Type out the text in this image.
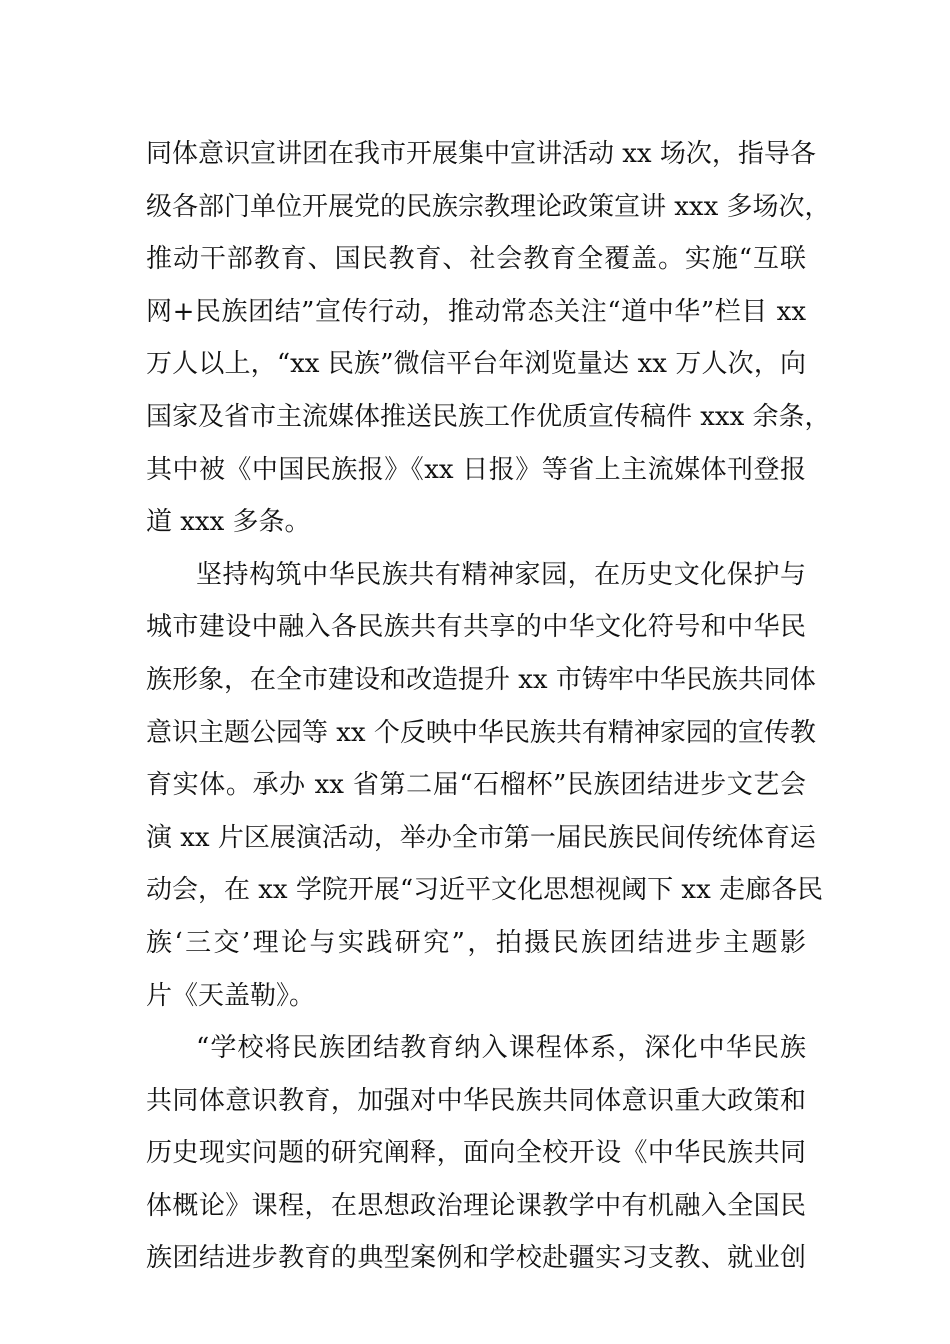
同体意识宣讲团在我市开展集中宣讲活动 xx 场次，指导各
级各部门单位开展党的民族宗教理论政策宣讲 xxx 多场次，
推动干部教育、国民教育、社会教育全覆盖。实施“互联
网+民族团结”宣传行动，推动常态关注“道中华”栏目 xx
万人以上，“xx 民族”微信平台年浏览量达 xx 万人次，向
国家及省市主流媒体推送民族工作优质宣传稿件 xxx 余条，
其中被《中国民族报》《xx 日报》等省上主流媒体刊登报
道 xxx 多条。
坚持构筑中华民族共有精神家园，在历史文化保护与
城市建设中融入各民族共有共享的中华文化符号和中华民
族形象，在全市建设和改造提升 xx 市铸牢中华民族共同体
意识主题公园等 xx 个反映中华民族共有精神家园的宣传教
育实体。承办 xx 省第二届“石榴杯”民族团结进步文艺会
演 xx 片区展演活动，举办全市第一届民族民间传统体育运
动会，在 xx 学院开展“习近平文化思想视阈下 xx 走廊各民
族‘三交’理论与实践研究”，拍摄民族团结进步主题影
片《天盖勒》。
“学校将民族团结教育纳入课程体系，深化中华民族
共同体意识教育，加强对中华民族共同体意识重大政策和
历史现实问题的研究阐释，面向全校开设《中华民族共同
体概论》课程，在思想政治理论课教学中有机融入全国民
族团结进步教育的典型案例和学校赴疆实习支教、就业创
